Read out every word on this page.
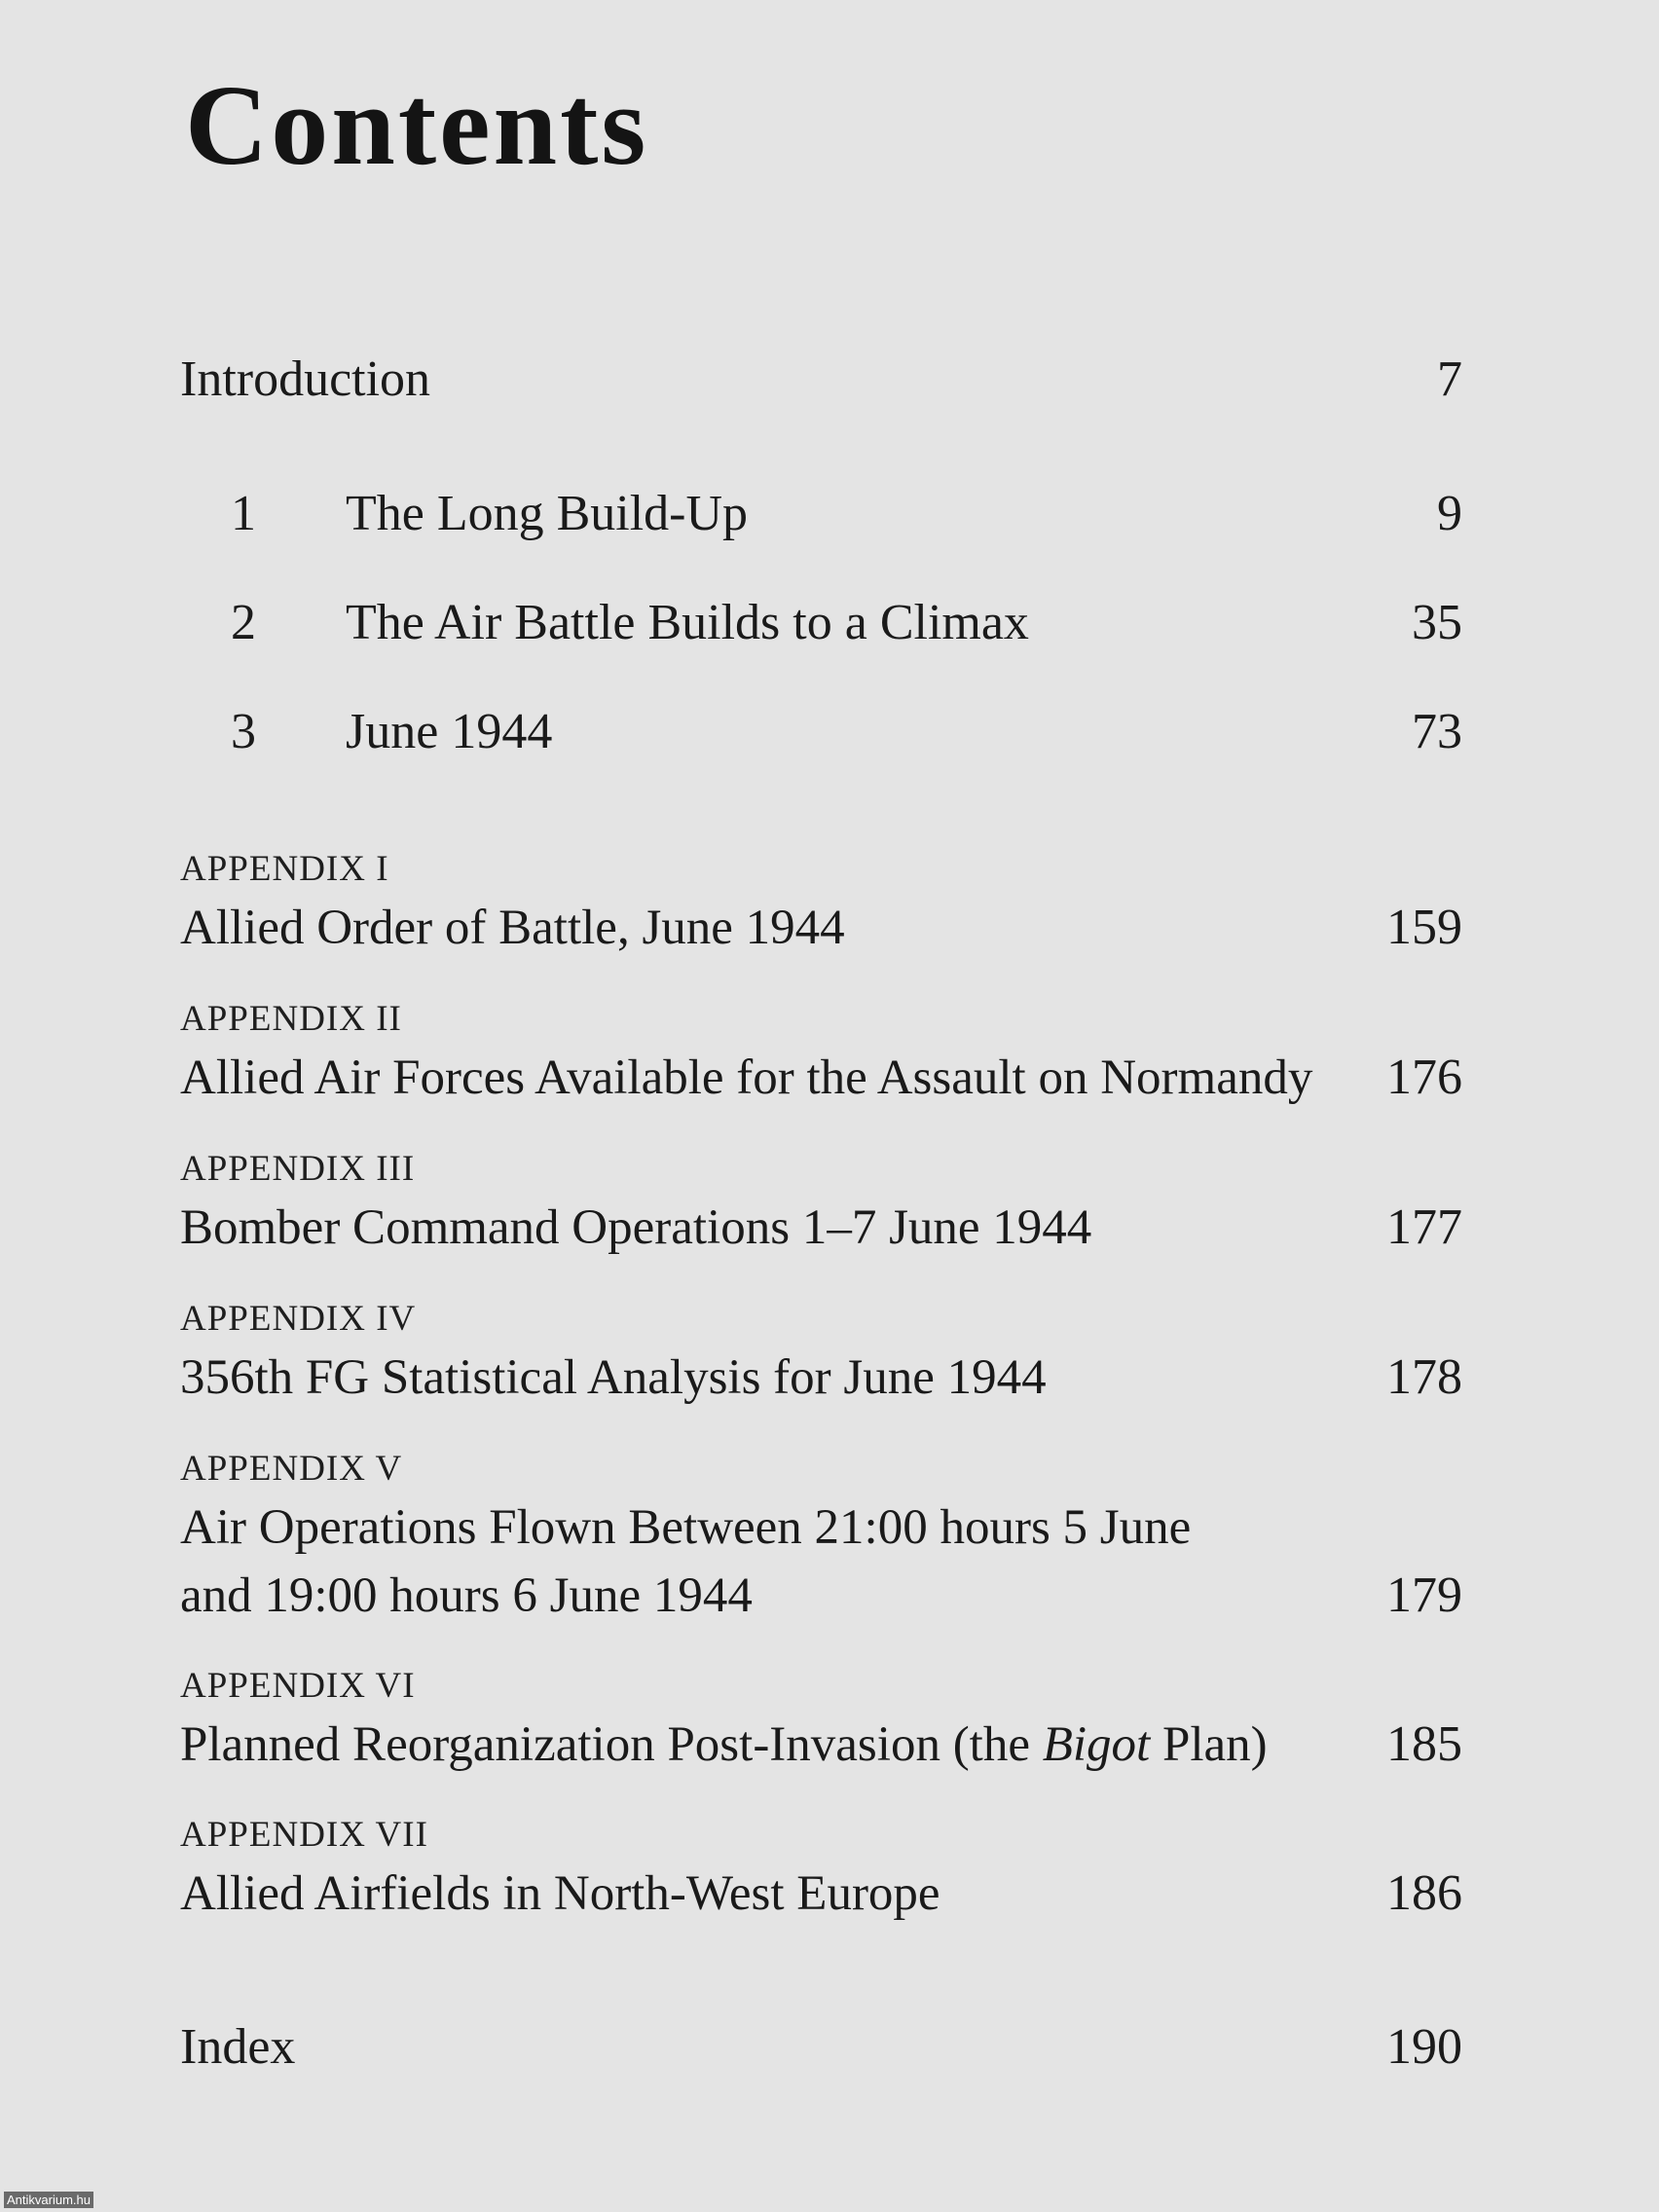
Contents
Introduction	7
1 The Long Build-Up	9
2 The Air Battle Builds to a Climax	35
3 June 1944	73
APPENDIX I
Allied Order of Battle, June 1944	159
APPENDIX II
Allied Air Forces Available for the Assault on Normandy	176
APPENDIX III
Bomber Command Operations 1–7 June 1944	177
APPENDIX IV
356th FG Statistical Analysis for June 1944	178
APPENDIX V
Air Operations Flown Between 21:00 hours 5 June
and 19:00 hours 6 June 1944	179
APPENDIX VI
Planned Reorganization Post-Invasion (the Bigot Plan)	185
APPENDIX VII
Allied Airfields in North-West Europe	186
Index	190
Antikvarium.hu
